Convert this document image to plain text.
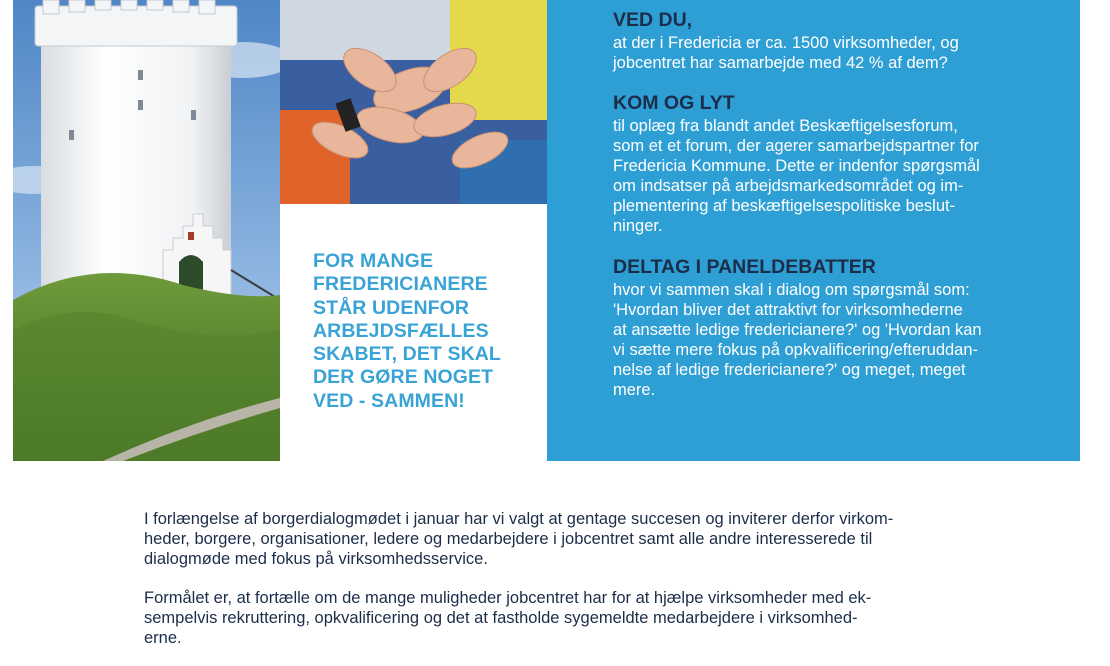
FOR MANGE
FREDERICIANERE
STÅR UDENFOR
ARBEJDSFÆLLES
SKABET, DET SKAL
DER GØRE NOGET
VED - SAMMEN!
VED DU,
at der i Fredericia er ca. 1500 virksomheder, og
jobcentret har samarbejde med 42 % af dem?
KOM OG LYT
til oplæg fra blandt andet Beskæftigelsesforum,
som et et forum, der agerer samarbejdspartner for
Fredericia Kommune. Dette er indenfor spørgsmål
om indsatser på arbejdsmarkedsområdet og im-
plementering af beskæftigelsespolitiske beslut-
ninger.
DELTAG I PANELDEBATTER
hvor vi sammen skal i dialog om spørgsmål som:
'Hvordan bliver det attraktivt for virksomhederne
at ansætte ledige fredericianere?' og 'Hvordan kan
vi sætte mere fokus på opkvalificering/efteruddan-
nelse af ledige fredericianere?' og meget, meget
mere.
I forlængelse af borgerdialogmødet i januar har vi valgt at gentage succesen og inviterer derfor virkom-
heder, borgere, organisationer, ledere og medarbejdere i jobcentret samt alle andre interesserede til
dialogmøde med fokus på virksomhedsservice.
Formålet er, at fortælle om de mange muligheder jobcentret har for at hjælpe virksomheder med ek-
sempelvis rekruttering, opkvalificering og det at fastholde sygemeldte medarbejdere i virksomhed-
erne.
